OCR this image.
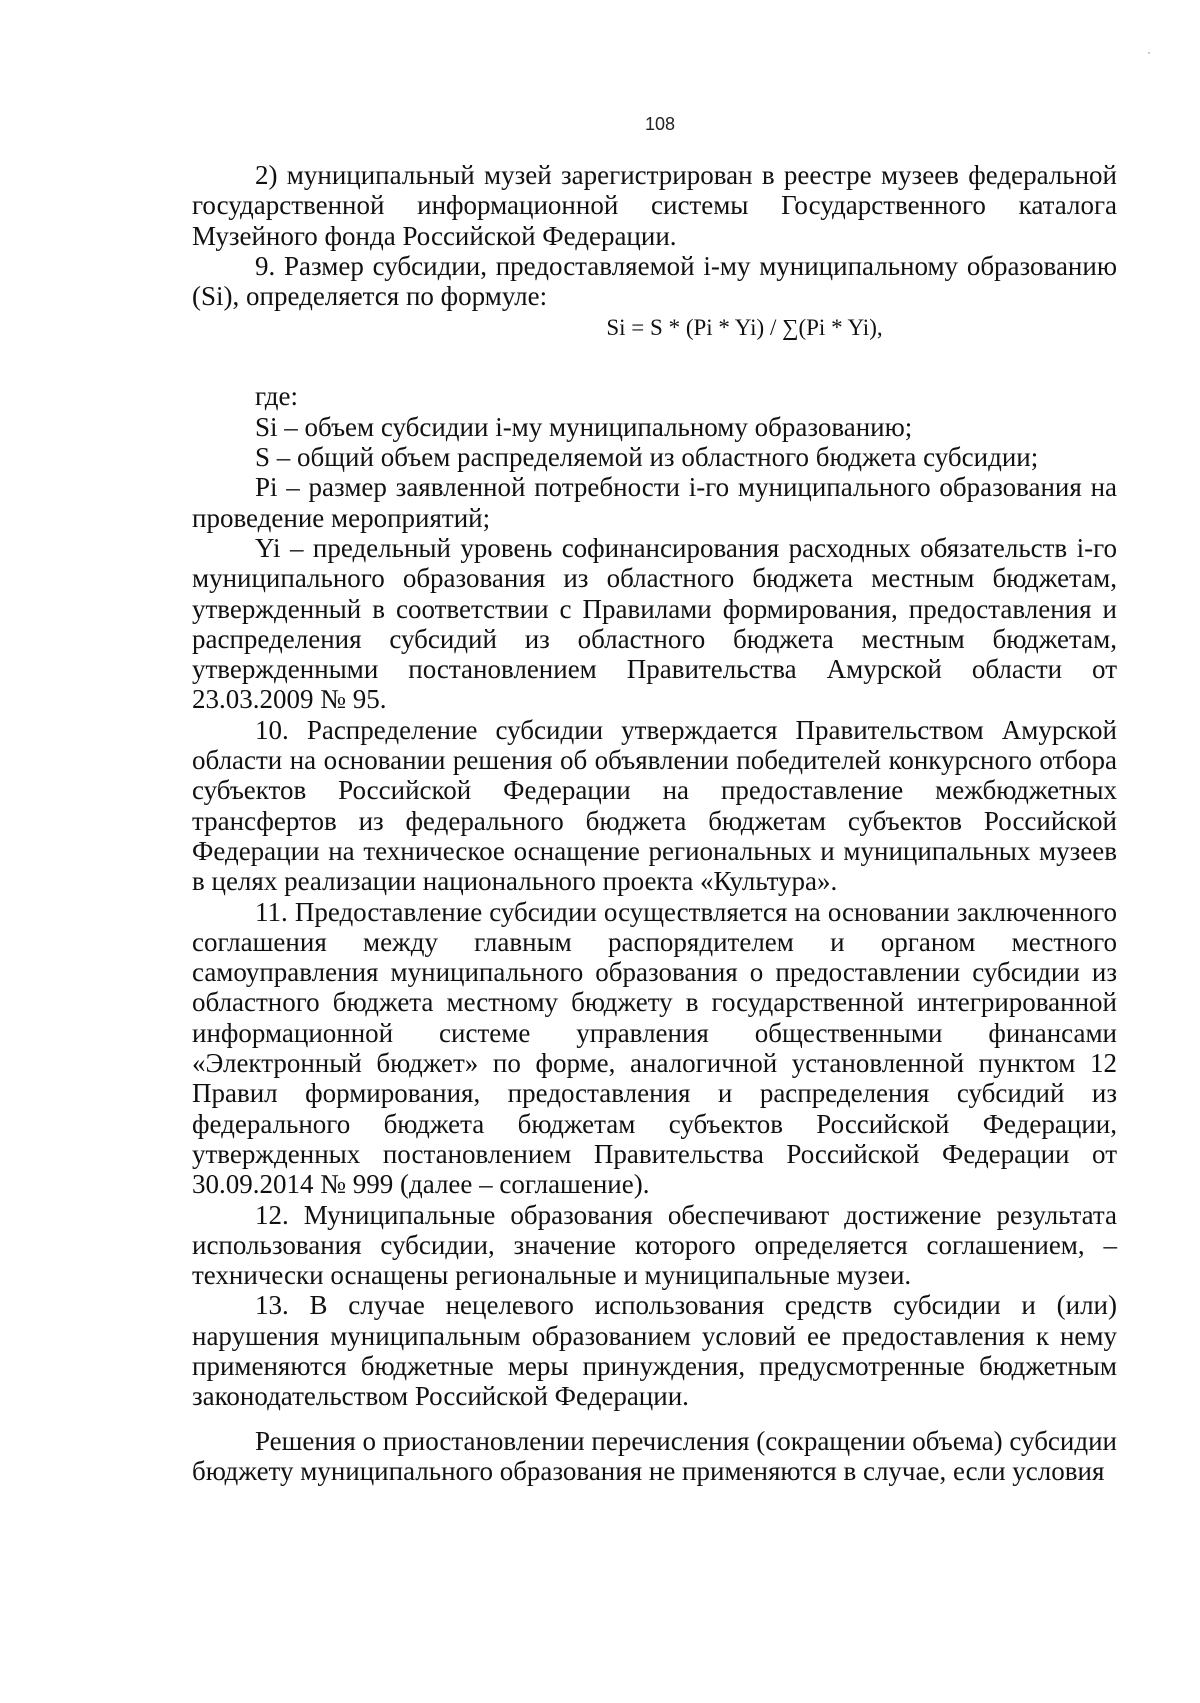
108

2) муниципальный музей зарегистрирован в реестре музеев федеральной государственной информационной системы Государственного каталога Музейного фонда Российской Федерации.

9. Размер субсидии, предоставляемой i-му муниципальному образованию (Si), определяется по формуле:

Si = S * (Pi * Yi) / ∑(Pi * Yi),

где:

Si – объем субсидии i-му муниципальному образованию;

S – общий объем распределяемой из областного бюджета субсидии;

Pi – размер заявленной потребности i-го муниципального образования на проведение мероприятий;

Yi – предельный уровень софинансирования расходных обязательств i-го муниципального образования из областного бюджета местным бюджетам, утвержденный в соответствии с Правилами формирования, предоставления и распределения субсидий из областного бюджета местным бюджетам, утвержденными постановлением Правительства Амурской области от 23.03.2009 № 95.

10. Распределение субсидии утверждается Правительством Амурской области на основании решения об объявлении победителей конкурсного отбора субъектов Российской Федерации на предоставление межбюджетных трансфертов из федерального бюджета бюджетам субъектов Российской Федерации на техническое оснащение региональных и муниципальных музеев в целях реализации национального проекта «Культура».

11. Предоставление субсидии осуществляется на основании заключенного соглашения между главным распорядителем и органом местного самоуправления муниципального образования о предоставлении субсидии из областного бюджета местному бюджету в государственной интегрированной информационной системе управления общественными финансами «Электронный бюджет» по форме, аналогичной установленной пунктом 12 Правил формирования, предоставления и распределения субсидий из федерального бюджета бюджетам субъектов Российской Федерации, утвержденных постановлением Правительства Российской Федерации от 30.09.2014 № 999 (далее – соглашение).

12. Муниципальные образования обеспечивают достижение результата использования субсидии, значение которого определяется соглашением, – технически оснащены региональные и муниципальные музеи.

13. В случае нецелевого использования средств субсидии и (или) нарушения муниципальным образованием условий ее предоставления к нему применяются бюджетные меры принуждения, предусмотренные бюджетным законодательством Российской Федерации.

Решения о приостановлении перечисления (сокращении объема) субсидии бюджету муниципального образования не применяются в случае, если условия
